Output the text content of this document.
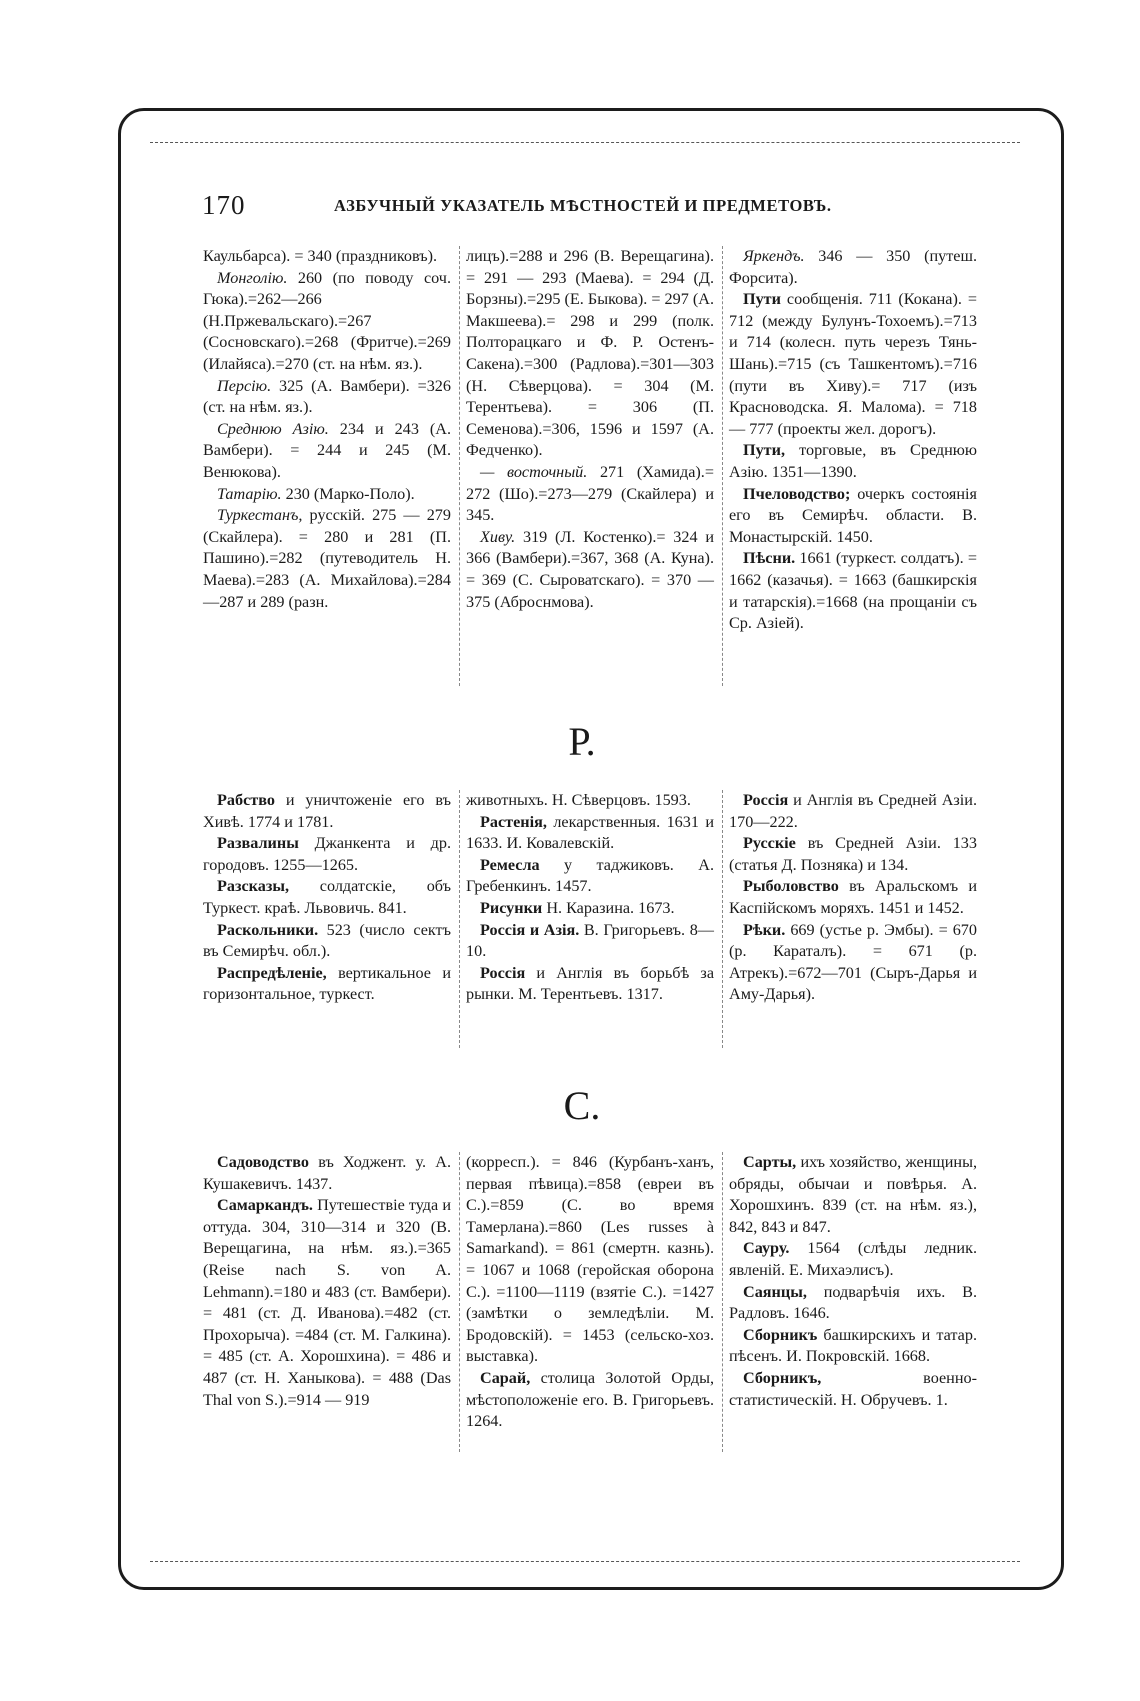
170	АЗБУЧНЫЙ УКАЗАТЕЛЬ МѢСТНОСТЕЙ И ПРЕДМЕТОВЪ.

Каульбарса). = 340 (праздниковъ).

Монголію. 260 (по поводу соч. Гюка).=262—266 (Н.Пржевальскаго).=267 (Сосновскаго).=268 (Фритче).=269 (Илайяса).=270 (ст. на нѣм. яз.).

Персію. 325 (А. Вамбери). =326 (ст. на нѣм. яз.).

Среднюю Азію. 234 и 243 (А. Вамбери). = 244 и 245 (М. Венюкова).

Татарію. 230 (Марко-Поло).

Туркестанъ, русскій. 275 — 279 (Скайлера). = 280 и 281 (П. Пашино).=282 (путеводитель Н. Маева).=283 (А. Михайлова).=284—287 и 289 (разн.

лицъ).=288 и 296 (В. Верещагина). = 291 — 293 (Маева). = 294 (Д. Борзны).=295 (Е. Быкова). = 297 (А. Макшеева).= 298 и 299 (полк. Полторацкаго и Ф. Р. Остенъ-Сакена).=300 (Радлова).=301—303 (Н. Сѣверцова). = 304 (М. Терентьева). = 306 (П. Семенова).=306, 1596 и 1597 (А. Федченко).

— восточный. 271 (Хамида).= 272 (Шо).=273—279 (Скайлера) и 345.

Хиву. 319 (Л. Костенко).= 324 и 366 (Вамбери).=367, 368 (А. Куна). = 369 (С. Сыроватскаго). = 370 — 375 (Аброснмова).

Яркендъ. 346 — 350 (путеш. Форсита).

Пути сообщенія. 711 (Кокана). = 712 (между Булунъ-Тохоемъ).=713 и 714 (колесн. путь черезъ Тянь-Шань).=715 (съ Ташкентомъ).=716 (пути въ Хиву).= 717 (изъ Красноводска. Я. Малома). = 718 — 777 (проекты жел. дорогъ).

Пути, торговые, въ Среднюю Азію. 1351—1390.

Пчеловодство; очеркъ состоянія его въ Семирѣч. области. В. Монастырскій. 1450.

Пѣсни. 1661 (туркест. солдатъ). = 1662 (казачья). = 1663 (башкирскія и татарскія).=1668 (на прощаніи съ Ср. Азіей).

Р.

Рабство и уничтоженіе его въ Хивѣ. 1774 и 1781.

Развалины Джанкента и др. городовъ. 1255—1265.

Разсказы, солдатскіе, объ Туркест. краѣ. Львовичь. 841.

Раскольники. 523 (число сектъ въ Семирѣч. обл.).

Распредѣленіе, вертикальное и горизонтальное, туркест.

животныхъ. Н. Сѣверцовъ. 1593.

Растенія, лекарственныя. 1631 и 1633. И. Ковалевскій.

Ремесла у таджиковъ. А. Гребенкинъ. 1457.

Рисунки Н. Каразина. 1673.

Россія и Азія. В. Григорьевъ. 8—10.

Россія и Англія въ борьбѣ за рынки. М. Терентьевъ. 1317.

Россія и Англія въ Средней Азіи. 170—222.

Русскіе въ Средней Азіи. 133 (статья Д. Позняка) и 134.

Рыболовство въ Аральскомъ и Каспійскомъ моряхъ. 1451 и 1452.

Рѣки. 669 (устье р. Эмбы). = 670 (р. Караталъ). = 671 (р. Атрекъ).=672—701 (Сыръ-Дарья и Аму-Дарья).

С.

Садоводство въ Ходжент. у. А. Кушакевичъ. 1437.

Самаркандъ. Путешествіе туда и оттуда. 304, 310—314 и 320 (В. Верещагина, на нѣм. яз.).=365 (Reise nach S. von A. Lehmann).=180 и 483 (ст. Вамбери). = 481 (ст. Д. Иванова).=482 (ст. Прохорыча). =484 (ст. М. Галкина). = 485 (ст. А. Хорошхина). = 486 и 487 (ст. Н. Ханыкова). = 488 (Das Thal von S.).=914 — 919

(корресп.). = 846 (Курбанъ-ханъ, первая пѣвица).=858 (евреи въ С.).=859 (С. во время Тамерлана).=860 (Les russes à Samarkand). = 861 (смертн. казнь). = 1067 и 1068 (геройская оборона С.). =1100—1119 (взятіе С.). =1427 (замѣтки о земледѣліи. М. Бродовскій). = 1453 (сельско-хоз. выставка).

Сарай, столица Золотой Орды, мѣстоположеніе его. В. Григорьевъ. 1264.

Сарты, ихъ хозяйство, женщины, обряды, обычаи и повѣрья. А. Хорошхинъ. 839 (ст. на нѣм. яз.), 842, 843 и 847.

Сауру. 1564 (слѣды ледник. явленій. Е. Михаэлисъ).

Саянцы, подварѣчія ихъ. В. Радловъ. 1646.

Сборникъ башкирскихъ и татар. пѣсенъ. И. Покровскій. 1668.

Сборникъ, военно-статистическій. Н. Обручевъ. 1.
